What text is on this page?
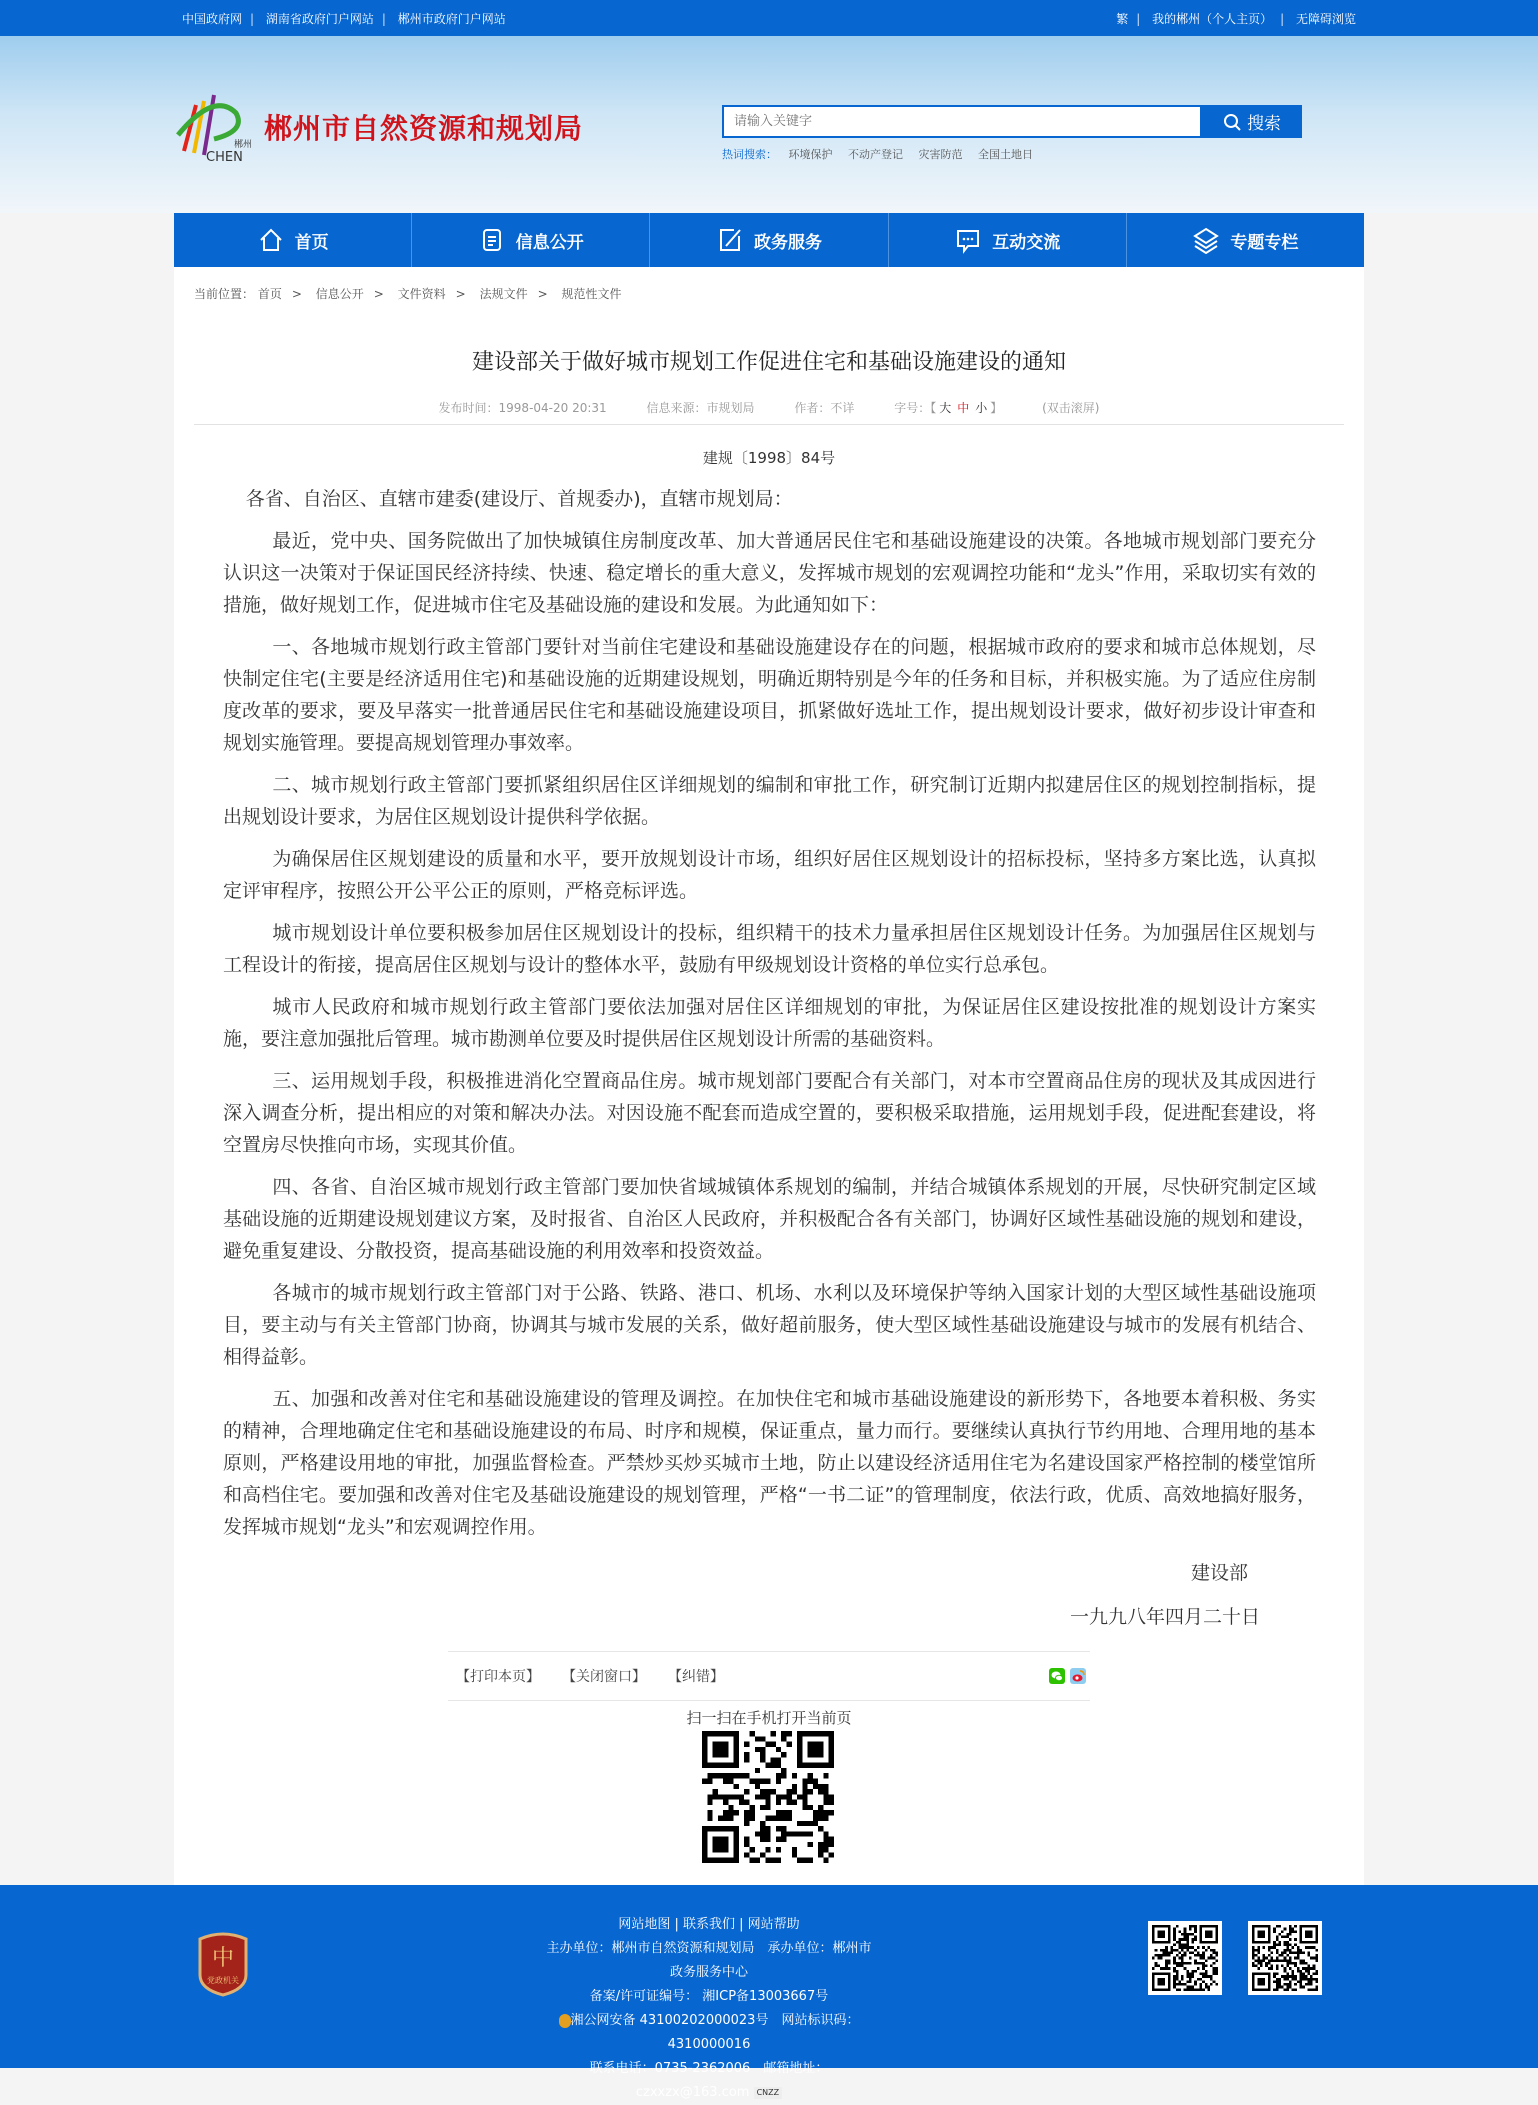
中国政府网 | 湖南省政府门户网站 | 郴州市政府门户网站	繁 | 我的郴州（个人主页） | 无障碍浏览
郴州
CHEN
郴州市自然资源和规划局
请输入关键字	搜索
热词搜索： 环境保护 不动产登记 灾害防范 全国土地日
首页	信息公开	政务服务	互动交流	专题专栏
当前位置： 首页 > 信息公开 > 文件资料 > 法规文件 > 规范性文件
建设部关于做好城市规划工作促进住宅和基础设施建设的通知
发布时间：1998-04-20 20:31	信息来源：市规划局	作者：不详	字号：【 大 中 小 】	(双击滚屏)
建规〔1998〕84号

各省、自治区、直辖市建委(建设厅、首规委办)，直辖市规划局：

最近，党中央、国务院做出了加快城镇住房制度改革、加大普通居民住宅和基础设施建设的决策。各地城市规划部门要充分认识这一决策对于保证国民经济持续、快速、稳定增长的重大意义，发挥城市规划的宏观调控功能和“龙头”作用，采取切实有效的措施，做好规划工作，促进城市住宅及基础设施的建设和发展。为此通知如下：

一、各地城市规划行政主管部门要针对当前住宅建设和基础设施建设存在的问题，根据城市政府的要求和城市总体规划，尽快制定住宅(主要是经济适用住宅)和基础设施的近期建设规划，明确近期特别是今年的任务和目标，并积极实施。为了适应住房制度改革的要求，要及早落实一批普通居民住宅和基础设施建设项目，抓紧做好选址工作，提出规划设计要求，做好初步设计审查和规划实施管理。要提高规划管理办事效率。

二、城市规划行政主管部门要抓紧组织居住区详细规划的编制和审批工作，研究制订近期内拟建居住区的规划控制指标，提出规划设计要求，为居住区规划设计提供科学依据。

为确保居住区规划建设的质量和水平，要开放规划设计市场，组织好居住区规划设计的招标投标，坚持多方案比选，认真拟定评审程序，按照公开公平公正的原则，严格竞标评选。

城市规划设计单位要积极参加居住区规划设计的投标，组织精干的技术力量承担居住区规划设计任务。为加强居住区规划与工程设计的衔接，提高居住区规划与设计的整体水平，鼓励有甲级规划设计资格的单位实行总承包。

城市人民政府和城市规划行政主管部门要依法加强对居住区详细规划的审批，为保证居住区建设按批准的规划设计方案实施，要注意加强批后管理。城市勘测单位要及时提供居住区规划设计所需的基础资料。

三、运用规划手段，积极推进消化空置商品住房。城市规划部门要配合有关部门，对本市空置商品住房的现状及其成因进行深入调查分析，提出相应的对策和解决办法。对因设施不配套而造成空置的，要积极采取措施，运用规划手段，促进配套建设，将空置房尽快推向市场，实现其价值。

四、各省、自治区城市规划行政主管部门要加快省域城镇体系规划的编制，并结合城镇体系规划的开展，尽快研究制定区域基础设施的近期建设规划建议方案，及时报省、自治区人民政府，并积极配合各有关部门，协调好区域性基础设施的规划和建设，避免重复建设、分散投资，提高基础设施的利用效率和投资效益。

各城市的城市规划行政主管部门对于公路、铁路、港口、机场、水利以及环境保护等纳入国家计划的大型区域性基础设施项目，要主动与有关主管部门协商，协调其与城市发展的关系，做好超前服务，使大型区域性基础设施建设与城市的发展有机结合、相得益彰。

五、加强和改善对住宅和基础设施建设的管理及调控。在加快住宅和城市基础设施建设的新形势下，各地要本着积极、务实的精神，合理地确定住宅和基础设施建设的布局、时序和规模，保证重点，量力而行。要继续认真执行节约用地、合理用地的基本原则，严格建设用地的审批，加强监督检查。严禁炒买炒买城市土地，防止以建设经济适用住宅为名建设国家严格控制的楼堂馆所和高档住宅。要加强和改善对住宅及基础设施建设的规划管理，严格“一书二证”的管理制度，依法行政，优质、高效地搞好服务，发挥城市规划“龙头”和宏观调控作用。

建设部
一九九八年四月二十日
【打印本页】 【关闭窗口】 【纠错】
扫一扫在手机打开当前页
中
党政机关
网站地图 | 联系我们 | 网站帮助
主办单位：郴州市自然资源和规划局　承办单位：郴州市政务服务中心
备案/许可证编号： 湘ICP备13003667号
湘公网安备 43100202000023号　 网站标识码：4310000016
联系电话：0735-2362006　邮箱地址：czxxzx@163.com CNZZ
